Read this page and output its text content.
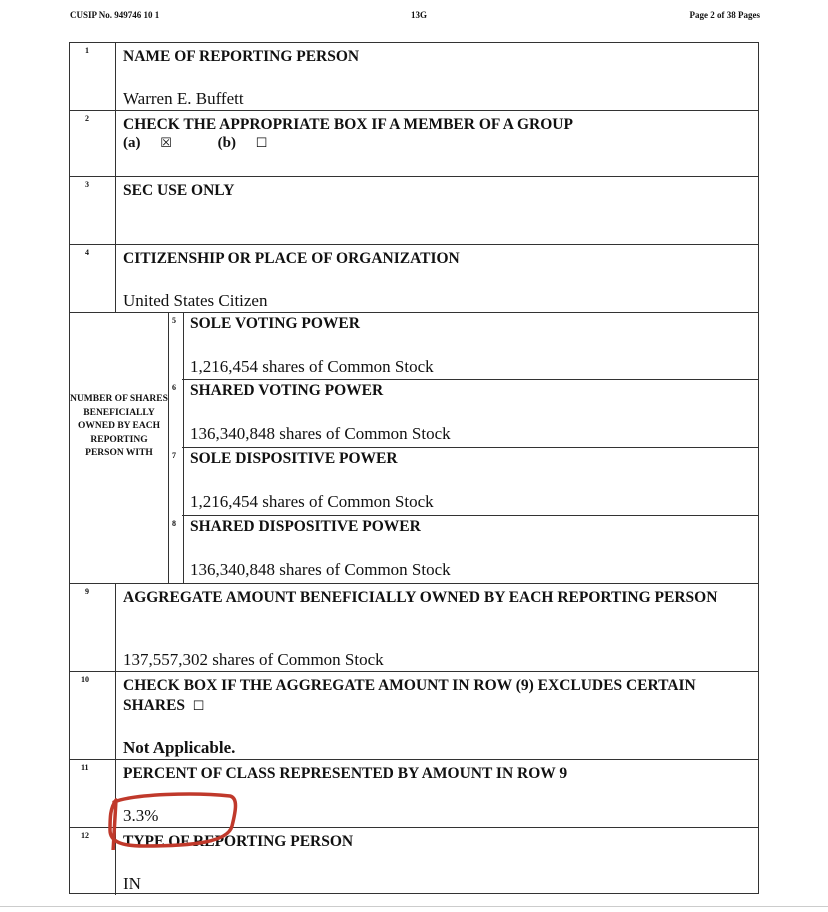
CUSIP No. 949746 10 1	13G	Page 2 of 38 Pages
1 NAME OF REPORTING PERSON
Warren E. Buffett
2 CHECK THE APPROPRIATE BOX IF A MEMBER OF A GROUP
(a) ☒	(b) ☐
3 SEC USE ONLY
4 CITIZENSHIP OR PLACE OF ORGANIZATION
United States Citizen
NUMBER OF SHARES BENEFICIALLY OWNED BY EACH REPORTING PERSON WITH
5 SOLE VOTING POWER
1,216,454 shares of Common Stock
6 SHARED VOTING POWER
136,340,848 shares of Common Stock
7 SOLE DISPOSITIVE POWER
1,216,454 shares of Common Stock
8 SHARED DISPOSITIVE POWER
136,340,848 shares of Common Stock
9 AGGREGATE AMOUNT BENEFICIALLY OWNED BY EACH REPORTING PERSON
137,557,302 shares of Common Stock
10 CHECK BOX IF THE AGGREGATE AMOUNT IN ROW (9) EXCLUDES CERTAIN SHARES ☐
Not Applicable.
11 PERCENT OF CLASS REPRESENTED BY AMOUNT IN ROW 9
3.3%
12 TYPE OF REPORTING PERSON
IN
